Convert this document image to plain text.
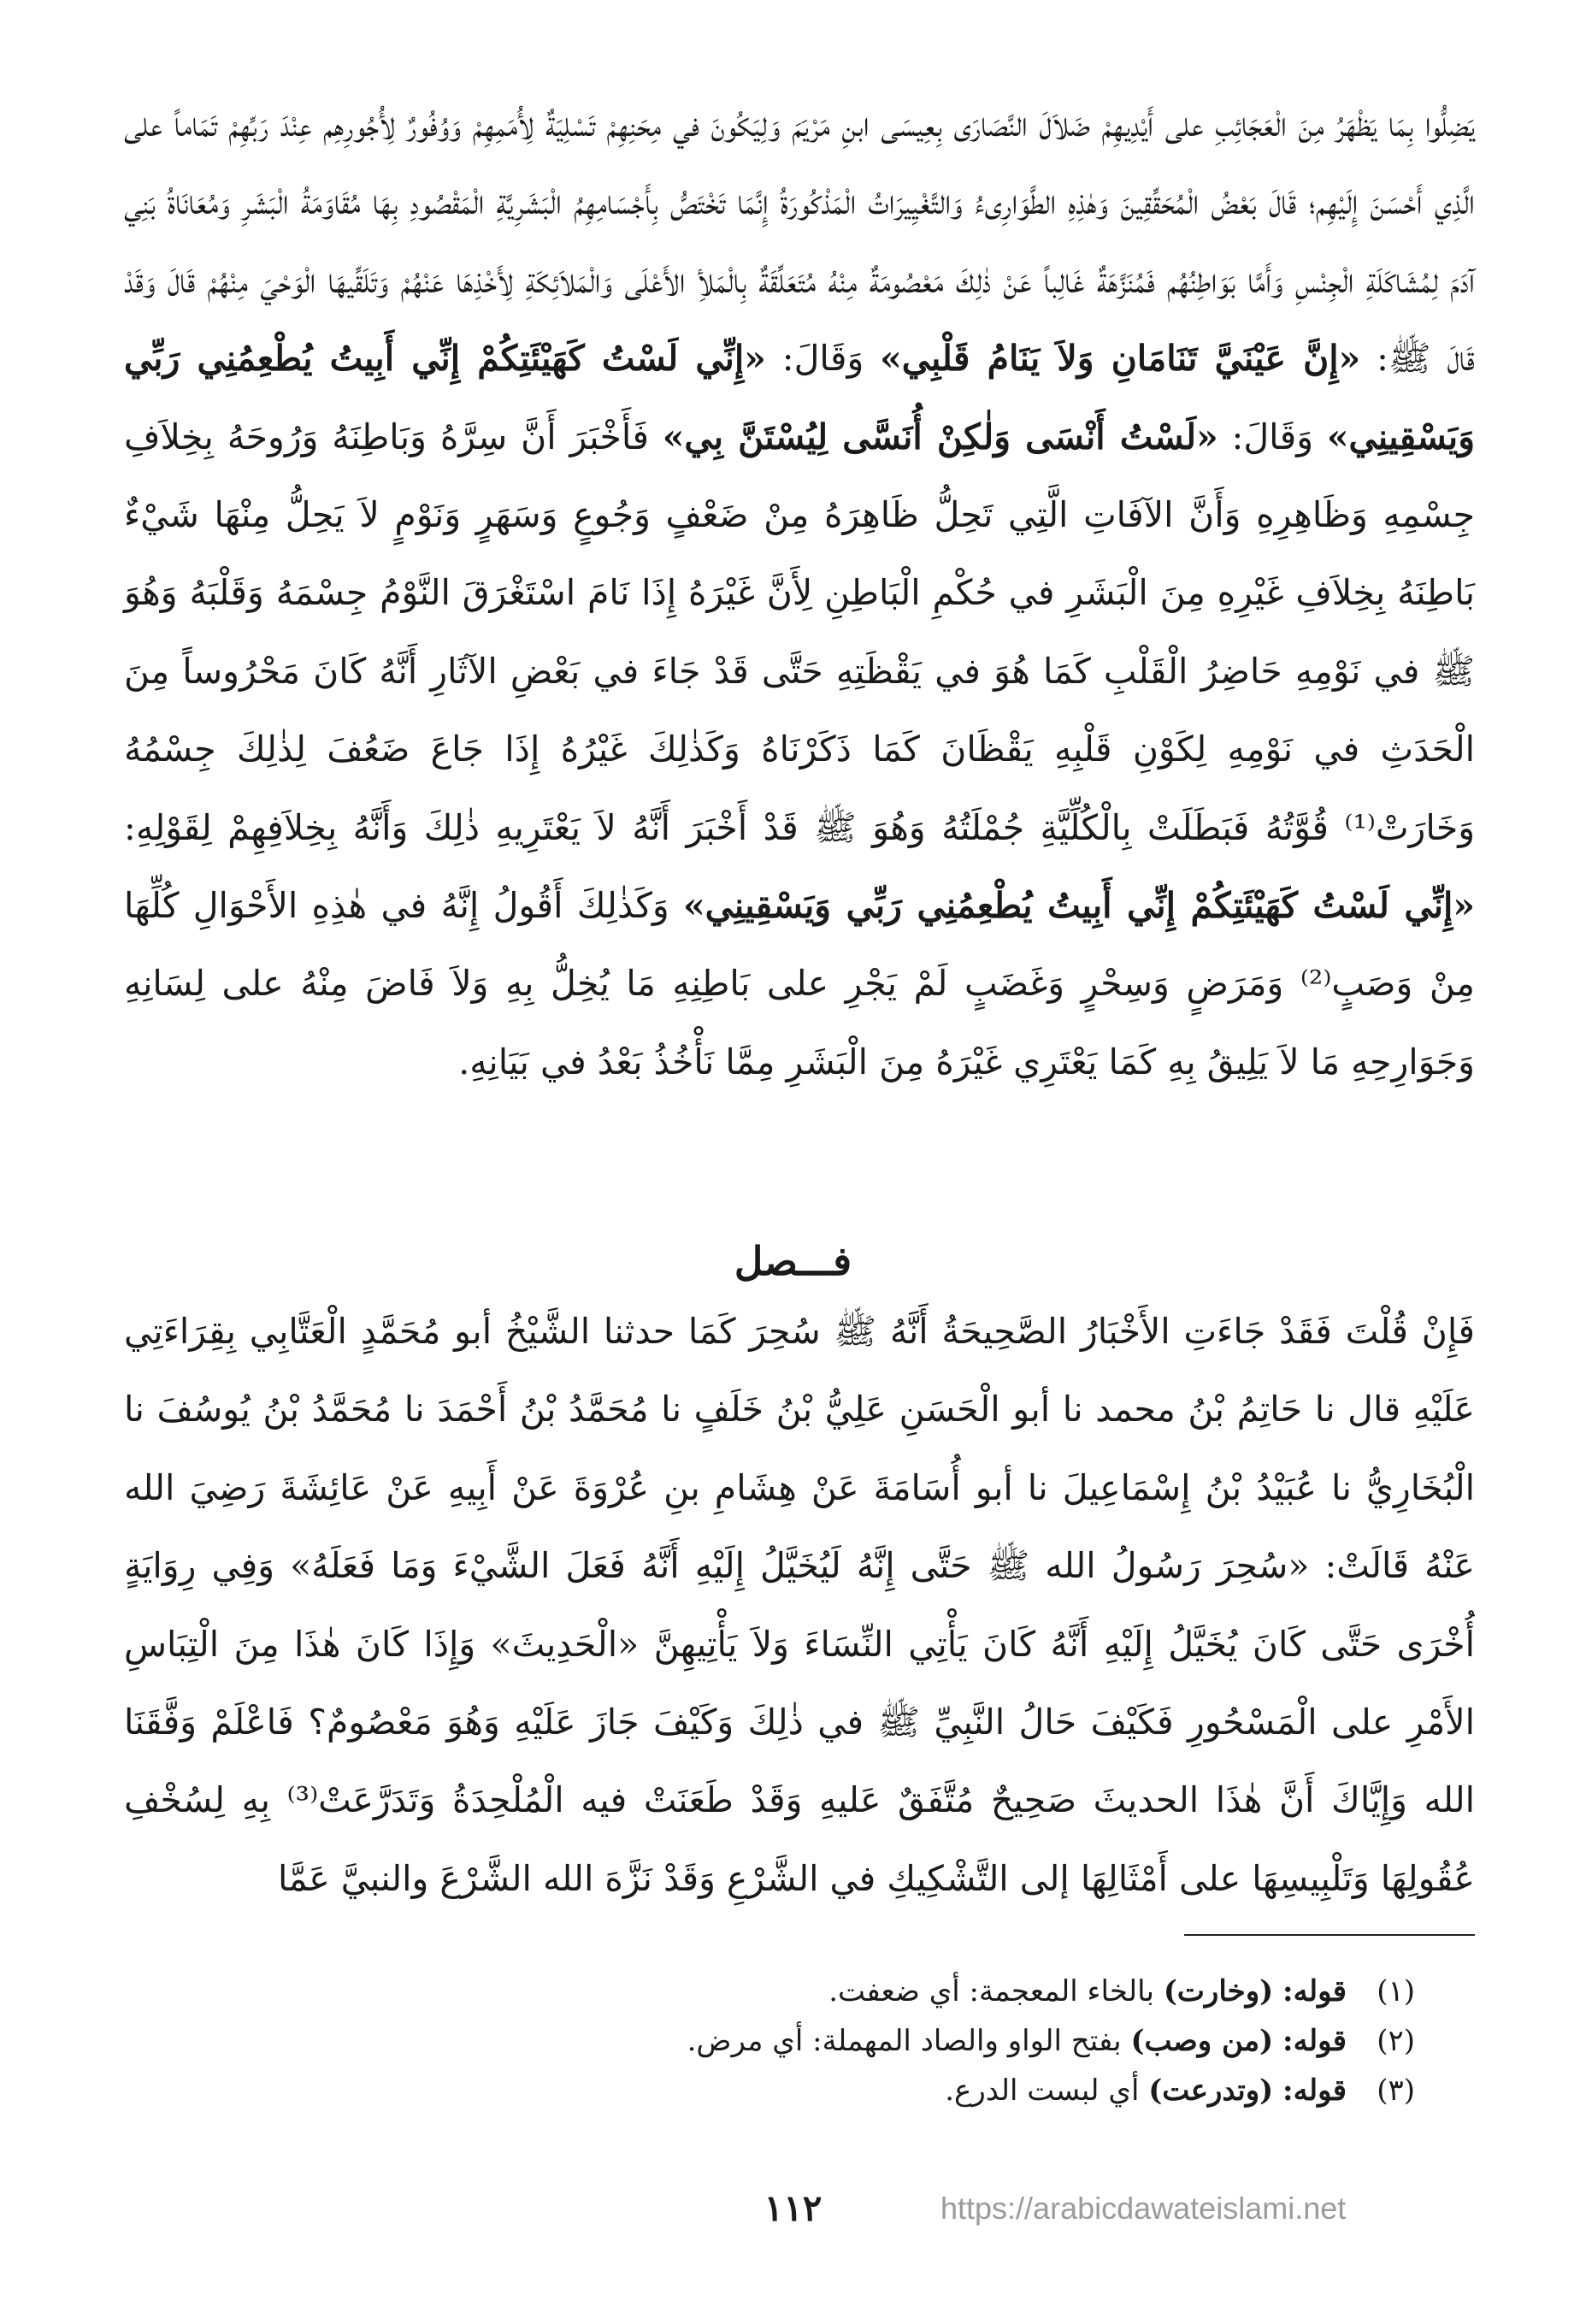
يَضِلُّوا بِمَا يَظْهَرُ مِنَ الْعَجَائِبِ على أَيْدِيهِمْ ضَلاَلَ النَّصَارَى بِعِيسَى ابنِ مَرْيَمَ وَلِيَكُونَ في مِحَنِهِمْ تَسْلِيَةٌ لِأُمَمِهِمْ وَوُفُورٌ لِأُجُورِهِم عِنْدَ رَبِّهِمْ تَمَاماً على الَّذِي أَحْسَنَ إِلَيْهِم؛ قَالَ بَعْضُ الْمُحَقِّقِينَ وَهٰذِهِ الطَّوَارِىءُ وَالتَّغْيِيرَاتُ الْمَذْكُورَةُ إِنَّمَا تَخْتَصُّ بِأَجْسَامِهِمُ الْبَشَرِيَّةِ الْمَقْصُودِ بِهَا مُقَاوَمَةُ الْبَشَرِ وَمُعَانَاةُ بَنِي آدَمَ لِمُشَاكَلَةِ الْجِنْسِ وَأَمَّا بَوَاطِنُهُم فَمُنَزَّهَةٌ غَالِباً عَنْ ذٰلِكَ مَعْصُومَةٌ مِنْهُ مُتَعَلِّقَةٌ بِالْمَلأِ الأَعْلَى وَالْمَلاَئِكَةِ لِأَخْذِهَا عَنْهُمْ وَتَلَقِّيهَا الْوَحْيَ مِنْهُمْ قَالَ وَقَدْ قَالَ ﷺ: «إِنَّ عَيْنَيَّ تَنَامَانِ وَلاَ يَنَامُ قَلْبِي» وَقَالَ: «إِنِّي لَسْتُ كَهَيْئَتِكُمْ إِنِّي أَبِيتُ يُطْعِمُنِي رَبِّي وَيَسْقِينِي» وَقَالَ: «لَسْتُ أَنْسَى وَلٰكِنْ أُنَسَّى لِيُسْتَنَّ بِي» فَأَخْبَرَ أَنَّ سِرَّهُ وَبَاطِنَهُ وَرُوحَهُ بِخِلاَفِ جِسْمِهِ وَظَاهِرِهِ وَأَنَّ الآفَاتِ الَّتِي تَحِلُّ ظَاهِرَهُ مِنْ ضَعْفٍ وَجُوعٍ وَسَهَرٍ وَنَوْمٍ لاَ يَحِلُّ مِنْهَا شَيْءٌ بَاطِنَهُ بِخِلاَفِ غَيْرِهِ مِنَ الْبَشَرِ في حُكْمِ الْبَاطِنِ لِأَنَّ غَيْرَهُ إِذَا نَامَ اسْتَغْرَقَ النَّوْمُ جِسْمَهُ وَقَلْبَهُ وَهُوَ ﷺ في نَوْمِهِ حَاضِرُ الْقَلْبِ كَمَا هُوَ في يَقْظَتِهِ حَتَّى قَدْ جَاءَ في بَعْضِ الآثَارِ أَنَّهُ كَانَ مَحْرُوساً مِنَ الْحَدَثِ في نَوْمِهِ لِكَوْنِ قَلْبِهِ يَقْظَانَ كَمَا ذَكَرْنَاهُ وَكَذٰلِكَ غَيْرُهُ إِذَا جَاعَ ضَعُفَ لِذٰلِكَ جِسْمُهُ وَخَارَتْ⁽¹⁾ قُوَّتُهُ فَبَطَلَتْ بِالْكُلِّيَّةِ جُمْلَتُهُ وَهُوَ ﷺ قَدْ أَخْبَرَ أَنَّهُ لاَ يَعْتَرِيهِ ذٰلِكَ وَأَنَّهُ بِخِلاَفِهِمْ لِقَوْلِهِ: «إِنِّي لَسْتُ كَهَيْئَتِكُمْ إِنِّي أَبِيتُ يُطْعِمُنِي رَبِّي وَيَسْقِينِي» وَكَذٰلِكَ أَقُولُ إِنَّهُ في هٰذِهِ الأَحْوَالِ كُلِّهَا مِنْ وَصَبٍ⁽²⁾ وَمَرَضٍ وَسِحْرٍ وَغَضَبٍ لَمْ يَجْرِ على بَاطِنِهِ مَا يُخِلُّ بِهِ وَلاَ فَاضَ مِنْهُ على لِسَانِهِ وَجَوَارِحِهِ مَا لاَ يَلِيقُ بِهِ كَمَا يَعْتَرِي غَيْرَهُ مِنَ الْبَشَرِ مِمَّا نَأْخُذُ بَعْدُ في بَيَانِهِ.

فـــصل

فَإِنْ قُلْتَ فَقَدْ جَاءَتِ الأَخْبَارُ الصَّحِيحَةُ أَنَّهُ ﷺ سُحِرَ كَمَا حدثنا الشَّيْخُ أبو مُحَمَّدٍ الْعَتَّابِي بِقِرَاءَتِي عَلَيْهِ قال نا حَاتِمُ بْنُ محمد نا أبو الْحَسَنِ عَلِيُّ بْنُ خَلَفٍ نا مُحَمَّدُ بْنُ أَحْمَدَ نا مُحَمَّدُ بْنُ يُوسُفَ نا الْبُخَارِيُّ نا عُبَيْدُ بْنُ إِسْمَاعِيلَ نا أبو أُسَامَةَ عَنْ هِشَامِ بنِ عُرْوَةَ عَنْ أَبِيهِ عَنْ عَائِشَةَ رَضِيَ الله عَنْهُ قَالَتْ: «سُحِرَ رَسُولُ الله ﷺ حَتَّى إِنَّهُ لَيُخَيَّلُ إِلَيْهِ أَنَّهُ فَعَلَ الشَّيْءَ وَمَا فَعَلَهُ» وَفِي رِوَايَةٍ أُخْرَى حَتَّى كَانَ يُخَيَّلُ إِلَيْهِ أَنَّهُ كَانَ يَأْتِي النِّسَاءَ وَلاَ يَأْتِيهِنَّ «الْحَدِيثَ» وَإِذَا كَانَ هٰذَا مِنَ الْتِبَاسِ الأَمْرِ على الْمَسْحُورِ فَكَيْفَ حَالُ النَّبِيِّ ﷺ في ذٰلِكَ وَكَيْفَ جَازَ عَلَيْهِ وَهُوَ مَعْصُومٌ؟ فَاعْلَمْ وَفَّقَنَا الله وَإِيَّاكَ أَنَّ هٰذَا الحديثَ صَحِيحٌ مُتَّفَقٌ عَليهِ وَقَدْ طَعَنَتْ فيه الْمُلْحِدَةُ وَتَدَرَّعَتْ⁽³⁾ بِهِ لِسُخْفِ عُقُولِهَا وَتَلْبِيسِهَا على أَمْثَالِهَا إلى التَّشْكِيكِ في الشَّرْعِ وَقَدْ نَزَّهَ الله الشَّرْعَ والنبيَّ عَمَّا

(١)قوله: (وخارت) بالخاء المعجمة: أي ضعفت.

(٢)قوله: (من وصب) بفتح الواو والصاد المهملة: أي مرض.

(٣)قوله: (وتدرعت) أي لبست الدرع.

١١٢	https://arabicdawateislami.net
